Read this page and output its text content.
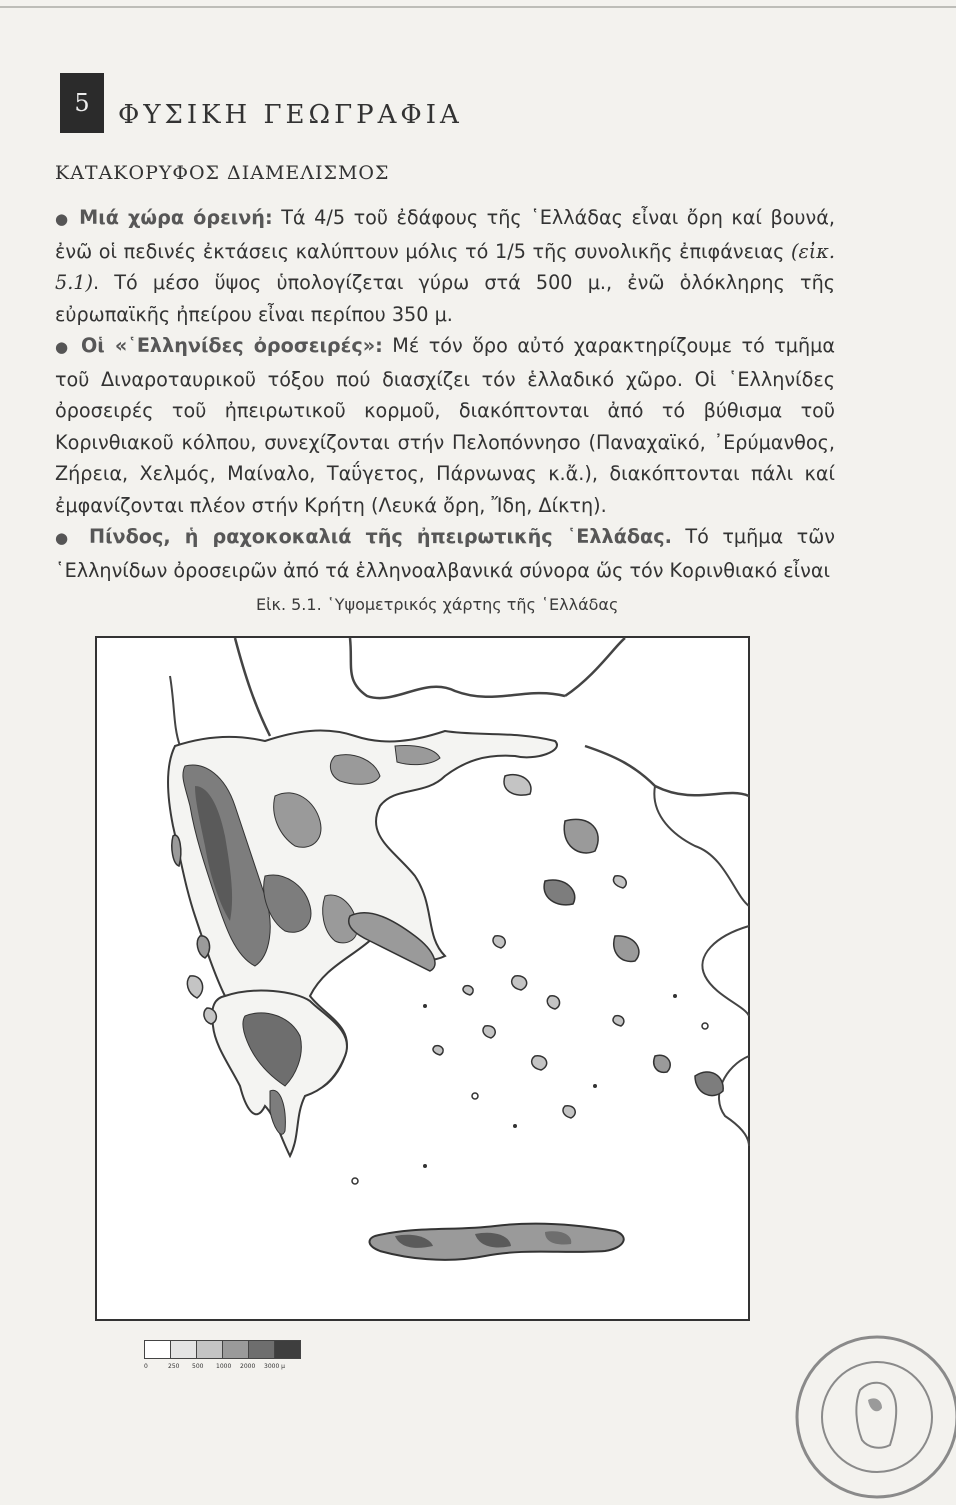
5	ΦΥΣΙΚΗ ΓΕΩΓΡΑΦΙΑ
ΚΑΤΑΚΟΡΥΦΟΣ ΔΙΑΜΕΛΙΣΜΟΣ

● Μιά χώρα όρεινή: Τά 4/5 τοῦ ἐδάφους τῆς ῾Ελλάδας εἶναι ὄρη καί βουνά, ἐνῶ οἱ πεδινές ἐκτάσεις καλύπτουν μόλις τό 1/5 τῆς συνολικῆς ἐπιφάνειας (εἰκ. 5.1). Τό μέσο ὕψος ὑπολογίζεται γύρω στά 500 μ., ἐνῶ ὁλόκληρης τῆς εὐρωπαϊκῆς ἠπείρου εἶναι περίπου 350 μ.

● Οἱ «῾Ελληνίδες ὀροσειρές»: Μέ τόν ὅρο αὐτό χαρακτηρίζουμε τό τμῆμα τοῦ Διναροταυρικοῦ τόξου πού διασχίζει τόν ἑλλαδικό χῶρο. Οἱ ῾Ελληνίδες ὀροσειρές τοῦ ἠπειρωτικοῦ κορμοῦ, διακόπτονται ἀπό τό βύθισμα τοῦ Κορινθιακοῦ κόλπου, συνεχίζονται στήν Πελοπόννησο (Παναχαϊκό, ᾿Ερύμανθος, Ζήρεια, Χελμός, Μαίναλο, Ταΰγετος, Πάρνωνας κ.ἄ.), διακόπτονται πάλι καί ἐμφανίζονται πλέον στήν Κρήτη (Λευκά ὄρη, Ἴδη, Δίκτη).

● Πίνδος, ἡ ραχοκοκαλιά τῆς ἠπειρωτικῆς ῾Ελλάδας. Τό τμῆμα τῶν ῾Ελληνίδων ὀροσειρῶν ἀπό τά ἑλληνοαλβανικά σύνορα ὥς τόν Κορινθιακό εἶναι

Εἰκ. 5.1. ῾Υψομετρικός χάρτης τῆς ῾Ελλάδας
0	250	500	1000	2000	3000 μ
